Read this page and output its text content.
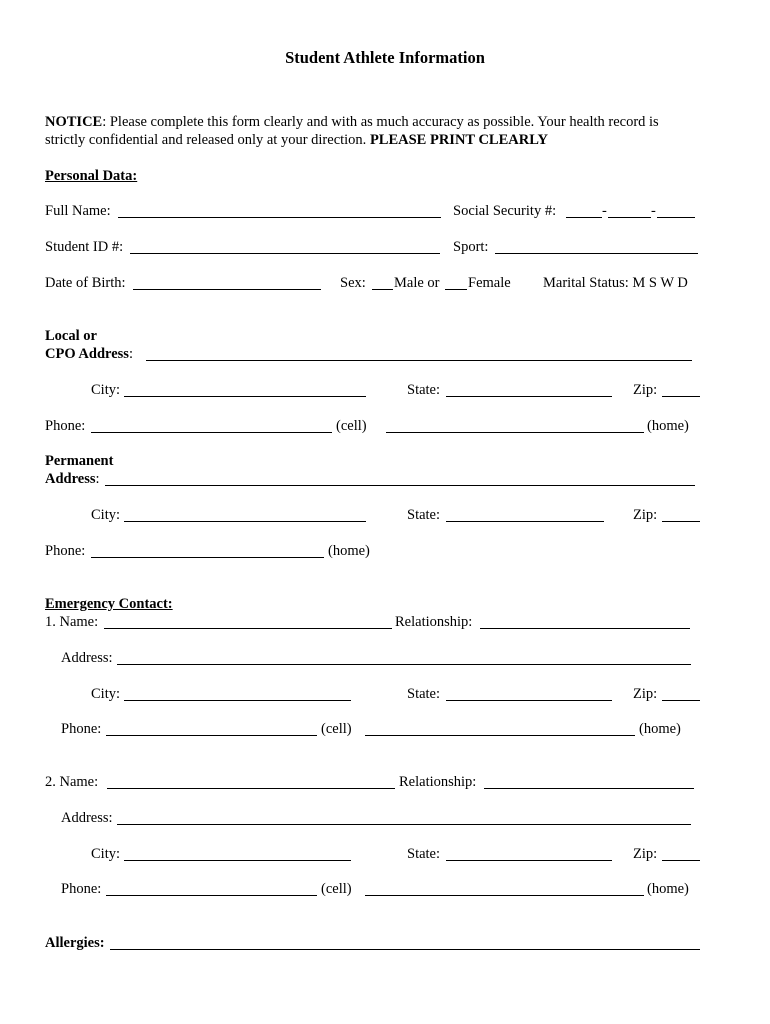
Student Athlete Information
NOTICE: Please complete this form clearly and with as much accuracy as possible. Your health record is
strictly confidential and released only at your direction. PLEASE PRINT CLEARLY
Personal Data:
Full Name:	Social Security #:	-	-
Student ID #:	Sport:
Date of Birth:	Sex: Male or Female Marital Status: M S W D
Local or
CPO Address:
City:	State:	Zip:
Phone:	(cell)	(home)
Permanent
Address:
City:	State:	Zip:
Phone:	(home)
Emergency Contact:
1. Name:	Relationship:
Address:
City:	State:	Zip:
Phone:	(cell)	(home)
2. Name:	Relationship:
Address:
City:	State:	Zip:
Phone:	(cell)	(home)
Allergies:
